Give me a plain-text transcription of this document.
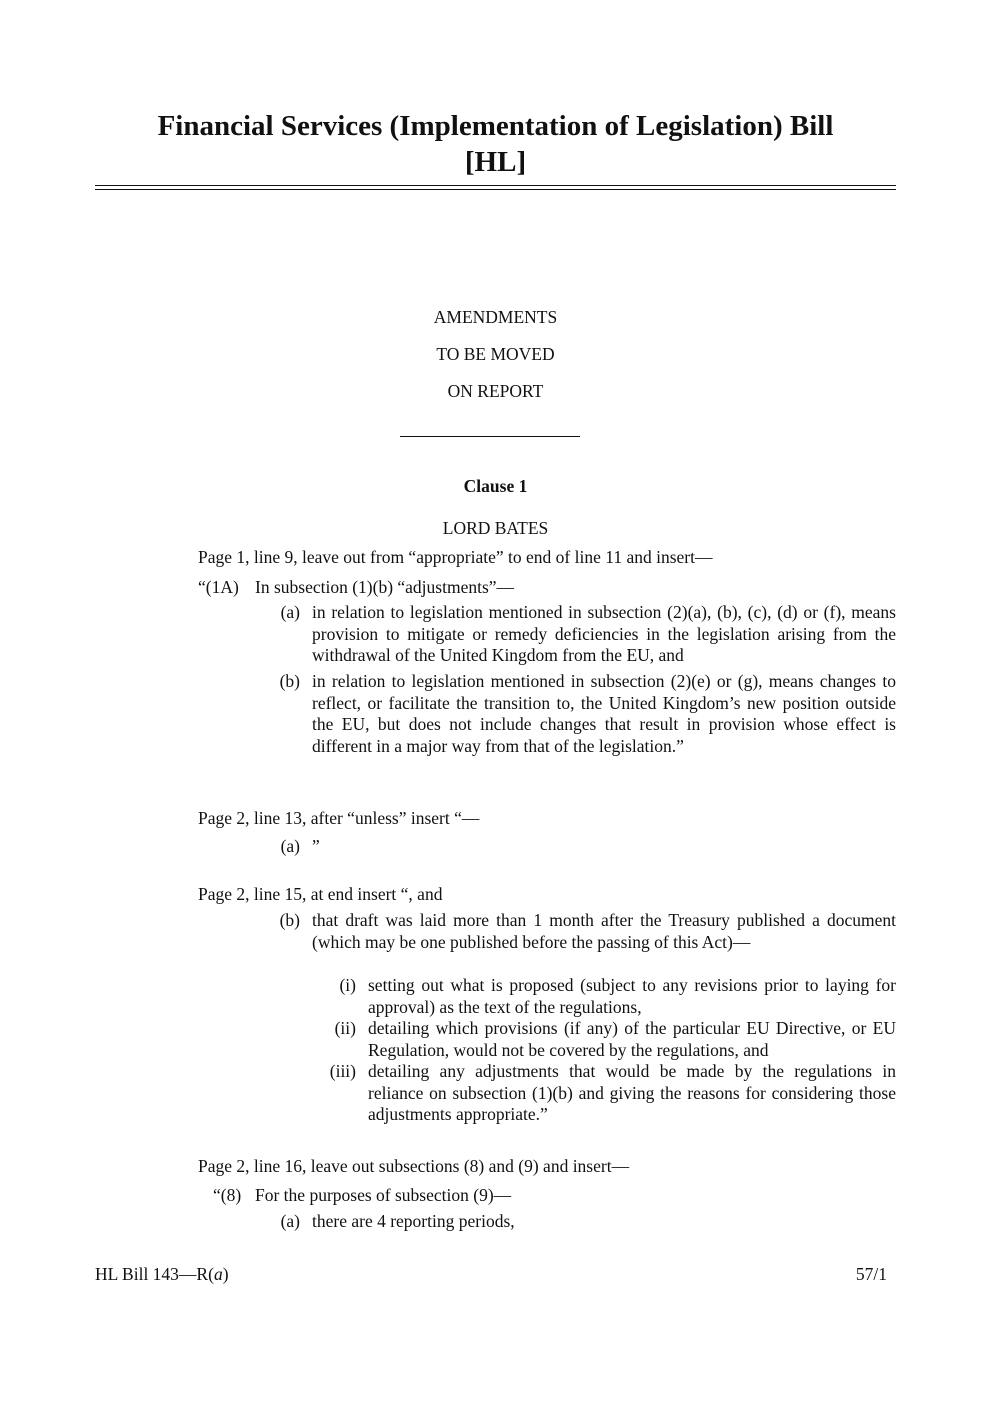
Financial Services (Implementation of Legislation) Bill
[HL]
AMENDMENTS
TO BE MOVED
ON REPORT
Clause 1
LORD BATES
Page 1, line 9, leave out from “appropriate” to end of line 11 and insert—
“(1A) In subsection (1)(b) “adjustments”—
(a) in relation to legislation mentioned in subsection (2)(a), (b), (c), (d) or (f), means provision to mitigate or remedy deficiencies in the legislation arising from the withdrawal of the United Kingdom from the EU, and
(b) in relation to legislation mentioned in subsection (2)(e) or (g), means changes to reflect, or facilitate the transition to, the United Kingdom’s new position outside the EU, but does not include changes that result in provision whose effect is different in a major way from that of the legislation.”
Page 2, line 13, after “unless” insert “—
(a) ”
Page 2, line 15, at end insert “, and
(b) that draft was laid more than 1 month after the Treasury published a document (which may be one published before the passing of this Act)—
(i) setting out what is proposed (subject to any revisions prior to laying for approval) as the text of the regulations,
(ii) detailing which provisions (if any) of the particular EU Directive, or EU Regulation, would not be covered by the regulations, and
(iii) detailing any adjustments that would be made by the regulations in reliance on subsection (1)(b) and giving the reasons for considering those adjustments appropriate.”
Page 2, line 16, leave out subsections (8) and (9) and insert—
“(8) For the purposes of subsection (9)—
(a) there are 4 reporting periods,
HL Bill 143—R(a)	57/1
